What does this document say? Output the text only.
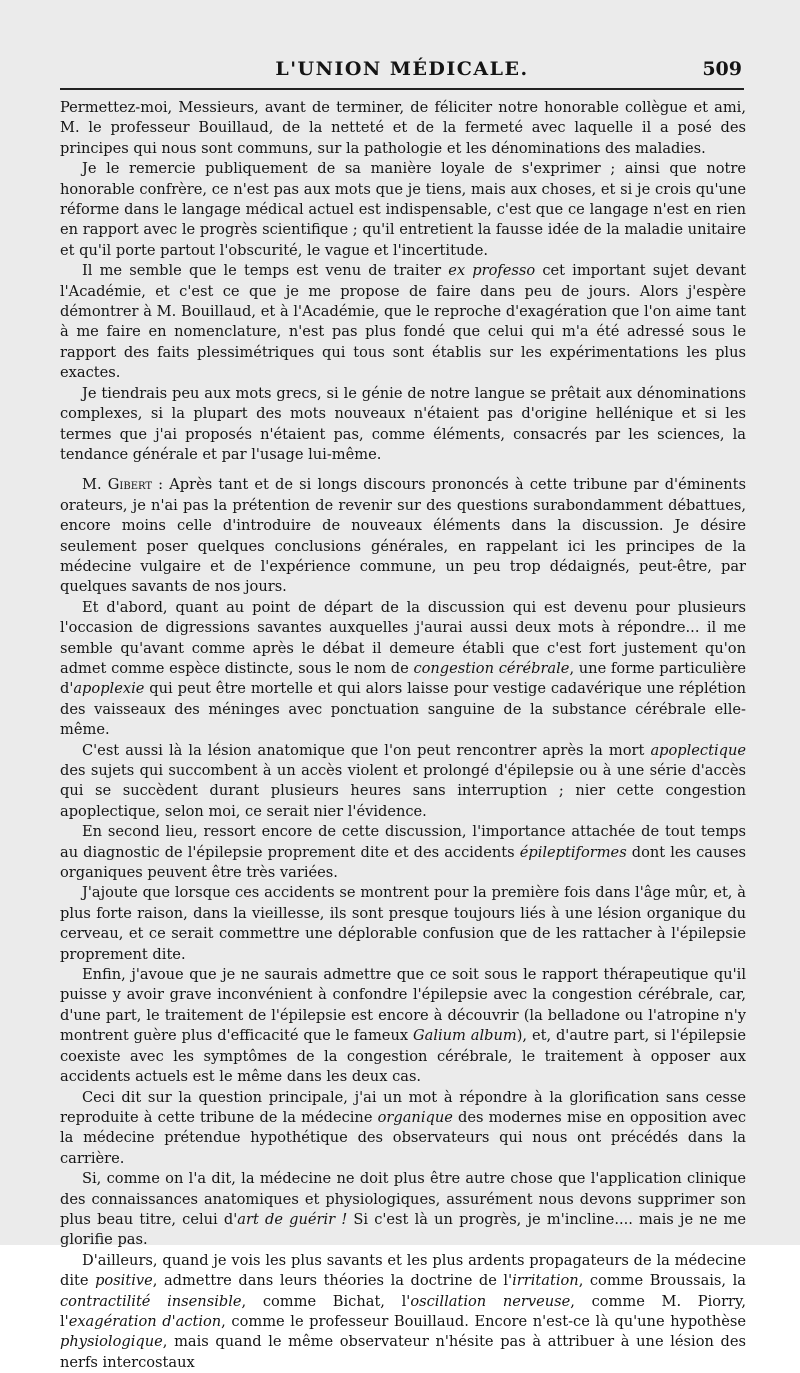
L'UNION MÉDICALE.	509

Permettez-moi, Messieurs, avant de terminer, de féliciter notre honorable collègue et ami, M. le professeur Bouillaud, de la netteté et de la fermeté avec laquelle il a posé des principes qui nous sont communs, sur la pathologie et les dénominations des maladies.

Je le remercie publiquement de sa manière loyale de s'exprimer ; ainsi que notre honorable confrère, ce n'est pas aux mots que je tiens, mais aux choses, et si je crois qu'une réforme dans le langage médical actuel est indispensable, c'est que ce langage n'est en rien en rapport avec le progrès scientifique ; qu'il entretient la fausse idée de la maladie unitaire et qu'il porte partout l'obscurité, le vague et l'incertitude.

Il me semble que le temps est venu de traiter ex professo cet important sujet devant l'Académie, et c'est ce que je me propose de faire dans peu de jours. Alors j'espère démontrer à M. Bouillaud, et à l'Académie, que le reproche d'exagération que l'on aime tant à me faire en nomenclature, n'est pas plus fondé que celui qui m'a été adressé sous le rapport des faits plessimétriques qui tous sont établis sur les expérimentations les plus exactes.

Je tiendrais peu aux mots grecs, si le génie de notre langue se prêtait aux dénominations complexes, si la plupart des mots nouveaux n'étaient pas d'origine hellénique et si les termes que j'ai proposés n'étaient pas, comme éléments, consacrés par les sciences, la tendance générale et par l'usage lui-même.

M. Gibert : Après tant et de si longs discours prononcés à cette tribune par d'éminents orateurs, je n'ai pas la prétention de revenir sur des questions surabondamment débattues, encore moins celle d'introduire de nouveaux éléments dans la discussion. Je désire seulement poser quelques conclusions générales, en rappelant ici les principes de la médecine vulgaire et de l'expérience commune, un peu trop dédaignés, peut-être, par quelques savants de nos jours.

Et d'abord, quant au point de départ de la discussion qui est devenu pour plusieurs l'occasion de digressions savantes auxquelles j'aurai aussi deux mots à répondre... il me semble qu'avant comme après le débat il demeure établi que c'est fort justement qu'on admet comme espèce distincte, sous le nom de congestion cérébrale, une forme particulière d'apoplexie qui peut être mortelle et qui alors laisse pour vestige cadavérique une réplétion des vaisseaux des méninges avec ponctuation sanguine de la substance cérébrale elle-même.

C'est aussi là la lésion anatomique que l'on peut rencontrer après la mort apoplectique des sujets qui succombent à un accès violent et prolongé d'épilepsie ou à une série d'accès qui se succèdent durant plusieurs heures sans interruption ; nier cette congestion apoplectique, selon moi, ce serait nier l'évidence.

En second lieu, ressort encore de cette discussion, l'importance attachée de tout temps au diagnostic de l'épilepsie proprement dite et des accidents épileptiformes dont les causes organiques peuvent être très variées.

J'ajoute que lorsque ces accidents se montrent pour la première fois dans l'âge mûr, et, à plus forte raison, dans la vieillesse, ils sont presque toujours liés à une lésion organique du cerveau, et ce serait commettre une déplorable confusion que de les rattacher à l'épilepsie proprement dite.

Enfin, j'avoue que je ne saurais admettre que ce soit sous le rapport thérapeutique qu'il puisse y avoir grave inconvénient à confondre l'épilepsie avec la congestion cérébrale, car, d'une part, le traitement de l'épilepsie est encore à découvrir (la belladone ou l'atropine n'y montrent guère plus d'efficacité que le fameux Galium album), et, d'autre part, si l'épilepsie coexiste avec les symptômes de la congestion cérébrale, le traitement à opposer aux accidents actuels est le même dans les deux cas.

Ceci dit sur la question principale, j'ai un mot à répondre à la glorification sans cesse reproduite à cette tribune de la médecine organique des modernes mise en opposition avec la médecine prétendue hypothétique des observateurs qui nous ont précédés dans la carrière.

Si, comme on l'a dit, la médecine ne doit plus être autre chose que l'application clinique des connaissances anatomiques et physiologiques, assurément nous devons supprimer son plus beau titre, celui d'art de guérir ! Si c'est là un progrès, je m'incline.... mais je ne me glorifie pas.

D'ailleurs, quand je vois les plus savants et les plus ardents propagateurs de la médecine dite positive, admettre dans leurs théories la doctrine de l'irritation, comme Broussais, la contractilité insensible, comme Bichat, l'oscillation nerveuse, comme M. Piorry, l'exagération d'action, comme le professeur Bouillaud. Encore n'est-ce là qu'une hypothèse physiologique, mais quand le même observateur n'hésite pas à attribuer à une lésion des nerfs intercostaux
